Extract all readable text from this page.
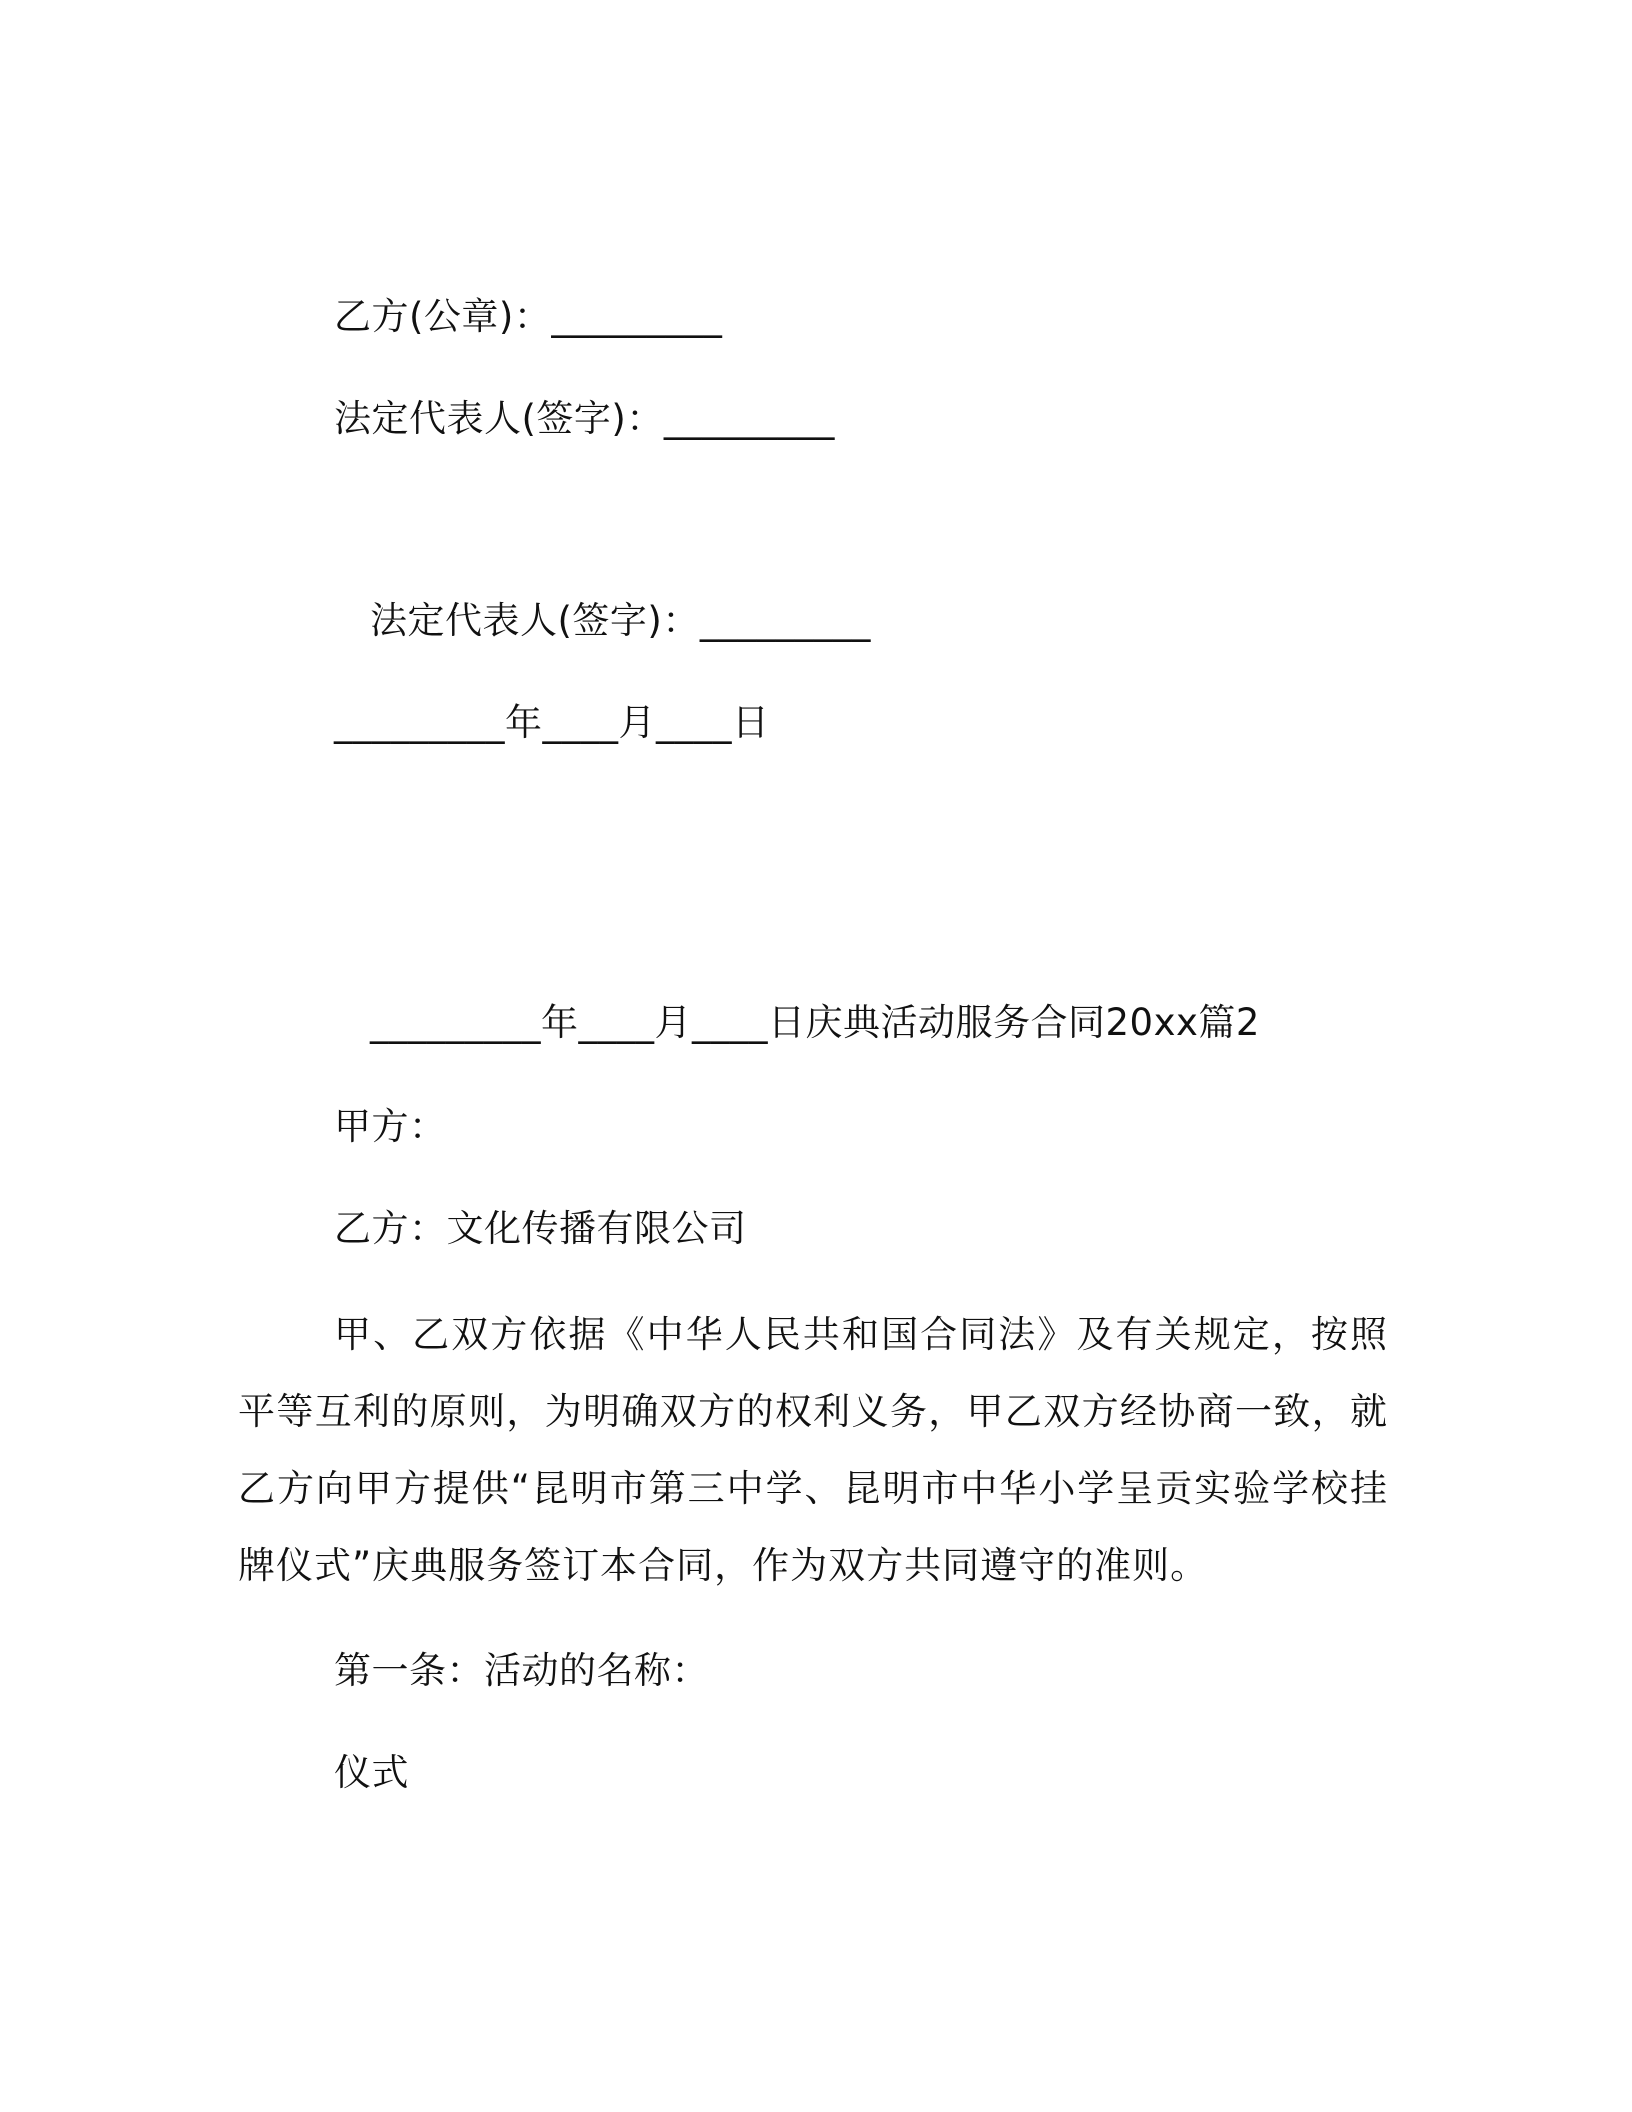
乙方(公章)：_________
法定代表人(签字)：_________
法定代表人(签字)：_________
_________年____月____日
_________年____月____日庆典活动服务合同20xx篇2
甲方：
乙方：文化传播有限公司
甲、乙双方依据《中华人民共和国合同法》及有关规定，按照平等互利的原则，为明确双方的权利义务，甲乙双方经协商一致，就乙方向甲方提供“昆明市第三中学、昆明市中华小学呈贡实验学校挂牌仪式”庆典服务签订本合同，作为双方共同遵守的准则。
第一条：活动的名称：
仪式
